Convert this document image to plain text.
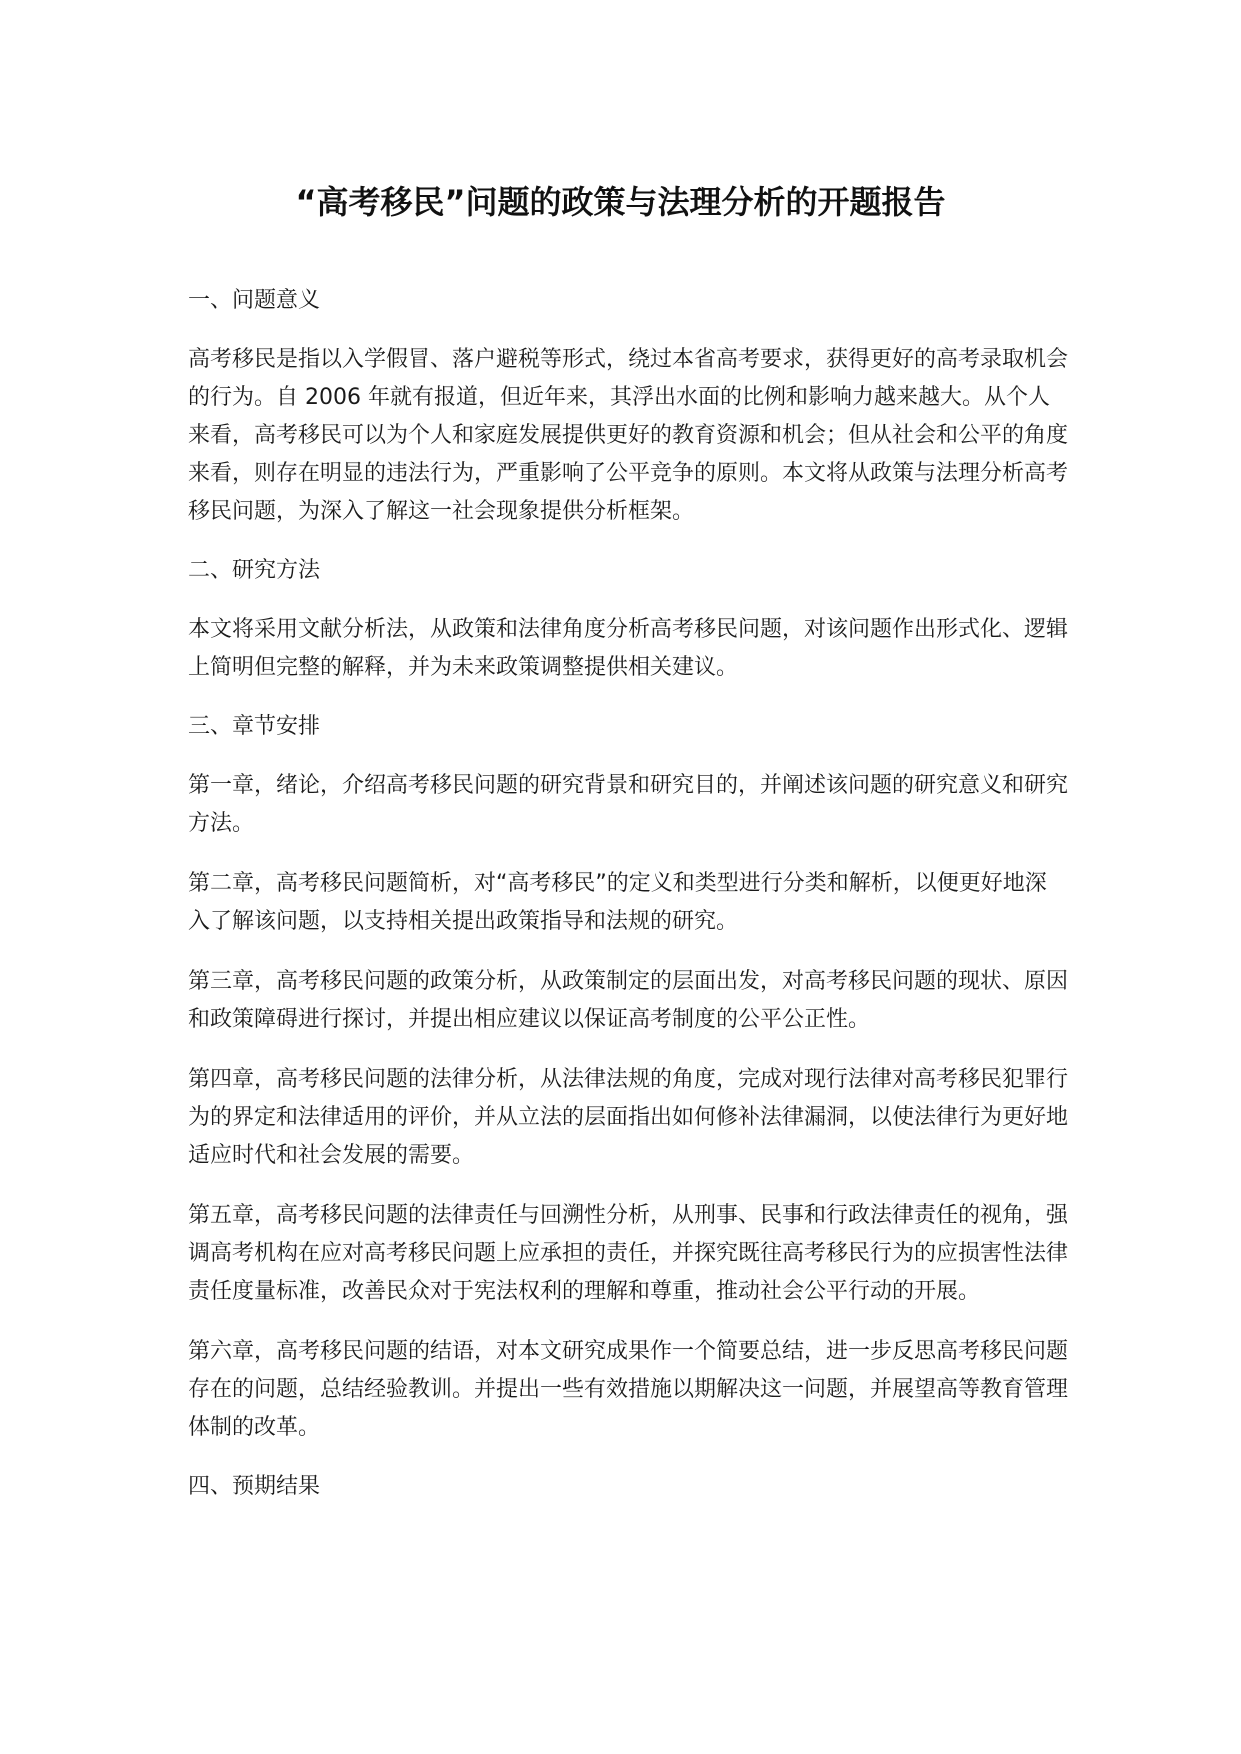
“高考移民”问题的政策与法理分析的开题报告

一、问题意义

高考移民是指以入学假冒、落户避税等形式，绕过本省高考要求，获得更好的高考录取机会的行为。自 2006 年就有报道，但近年来，其浮出水面的比例和影响力越来越大。从个人来看，高考移民可以为个人和家庭发展提供更好的教育资源和机会；但从社会和公平的角度来看，则存在明显的违法行为，严重影响了公平竞争的原则。本文将从政策与法理分析高考移民问题，为深入了解这一社会现象提供分析框架。

二、研究方法

本文将采用文献分析法，从政策和法律角度分析高考移民问题，对该问题作出形式化、逻辑上简明但完整的解释，并为未来政策调整提供相关建议。

三、章节安排

第一章，绪论，介绍高考移民问题的研究背景和研究目的，并阐述该问题的研究意义和研究方法。

第二章，高考移民问题简析，对“高考移民”的定义和类型进行分类和解析，以便更好地深入了解该问题，以支持相关提出政策指导和法规的研究。

第三章，高考移民问题的政策分析，从政策制定的层面出发，对高考移民问题的现状、原因和政策障碍进行探讨，并提出相应建议以保证高考制度的公平公正性。

第四章，高考移民问题的法律分析，从法律法规的角度，完成对现行法律对高考移民犯罪行为的界定和法律适用的评价，并从立法的层面指出如何修补法律漏洞，以使法律行为更好地适应时代和社会发展的需要。

第五章，高考移民问题的法律责任与回溯性分析，从刑事、民事和行政法律责任的视角，强调高考机构在应对高考移民问题上应承担的责任，并探究既往高考移民行为的应损害性法律责任度量标准，改善民众对于宪法权利的理解和尊重，推动社会公平行动的开展。

第六章，高考移民问题的结语，对本文研究成果作一个简要总结，进一步反思高考移民问题存在的问题，总结经验教训。并提出一些有效措施以期解决这一问题，并展望高等教育管理体制的改革。

四、预期结果
